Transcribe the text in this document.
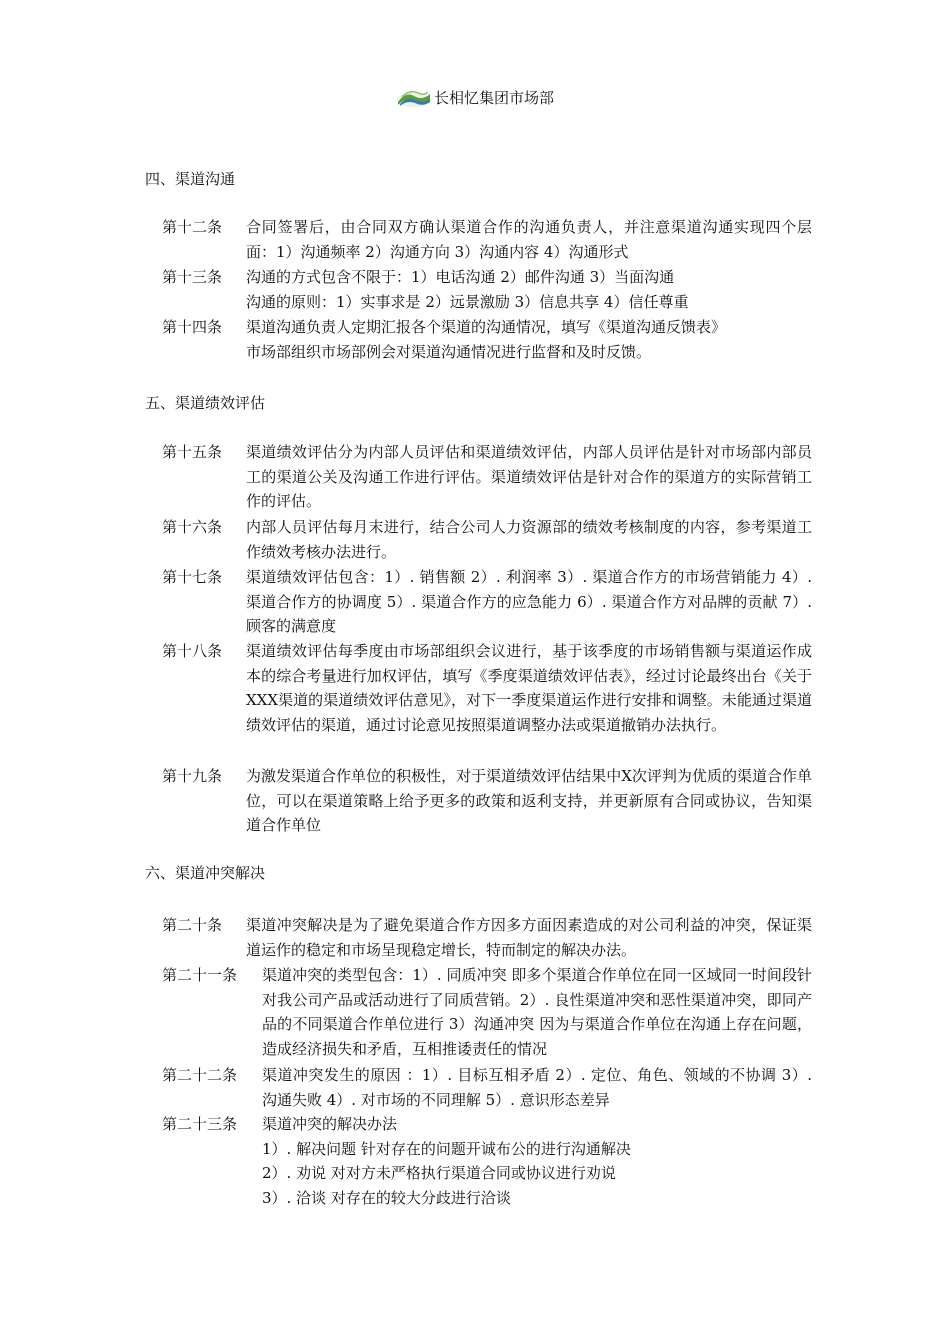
长相忆集团市场部
四、渠道沟通
第十二条 合同签署后，由合同双方确认渠道合作的沟通负责人，并注意渠道沟通实现四个层面：1）沟通频率 2）沟通方向 3）沟通内容 4）沟通形式

第十三条 沟通的方式包含不限于：1）电话沟通 2）邮件沟通 3）当面沟通

沟通的原则：1）实事求是 2）远景激励 3）信息共享 4）信任尊重

第十四条 渠道沟通负责人定期汇报各个渠道的沟通情况，填写《渠道沟通反馈表》

市场部组织市场部例会对渠道沟通情况进行监督和及时反馈。

五、渠道绩效评估
第十五条 渠道绩效评估分为内部人员评估和渠道绩效评估，内部人员评估是针对市场部内部员工的渠道公关及沟通工作进行评估。渠道绩效评估是针对合作的渠道方的实际营销工作的评估。

第十六条 内部人员评估每月末进行，结合公司人力资源部的绩效考核制度的内容，参考渠道工作绩效考核办法进行。

第十七条 渠道绩效评估包含：1）. 销售额 2）. 利润率 3）. 渠道合作方的市场营销能力 4）. 渠道合作方的协调度 5）. 渠道合作方的应急能力 6）. 渠道合作方对品牌的贡献 7）. 顾客的满意度

第十八条 渠道绩效评估每季度由市场部组织会议进行，基于该季度的市场销售额与渠道运作成本的综合考量进行加权评估，填写《季度渠道绩效评估表》，经过讨论最终出台《关于XXX渠道的渠道绩效评估意见》，对下一季度渠道运作进行安排和调整。未能通过渠道绩效评估的渠道，通过讨论意见按照渠道调整办法或渠道撤销办法执行。

第十九条 为激发渠道合作单位的积极性，对于渠道绩效评估结果中X次评判为优质的渠道合作单位，可以在渠道策略上给予更多的政策和返利支持，并更新原有合同或协议，告知渠道合作单位

六、渠道冲突解决
第二十条 渠道冲突解决是为了避免渠道合作方因多方面因素造成的对公司利益的冲突，保证渠道运作的稳定和市场呈现稳定增长，特而制定的解决办法。

第二十一条 渠道冲突的类型包含：1）. 同质冲突 即多个渠道合作单位在同一区域同一时间段针对我公司产品或活动进行了同质营销。2）. 良性渠道冲突和恶性渠道冲突，即同产品的不同渠道合作单位进行 3）沟通冲突 因为与渠道合作单位在沟通上存在问题，造成经济损失和矛盾，互相推诿责任的情况

第二十二条 渠道冲突发生的原因 ：1）. 目标互相矛盾 2）. 定位、角色、领域的不协调 3）. 沟通失败 4）. 对市场的不同理解 5）. 意识形态差异

第二十三条 渠道冲突的解决办法

1）. 解决问题 针对存在的问题开诚布公的进行沟通解决

2）. 劝说 对对方未严格执行渠道合同或协议进行劝说

3）. 洽谈 对存在的较大分歧进行洽谈
